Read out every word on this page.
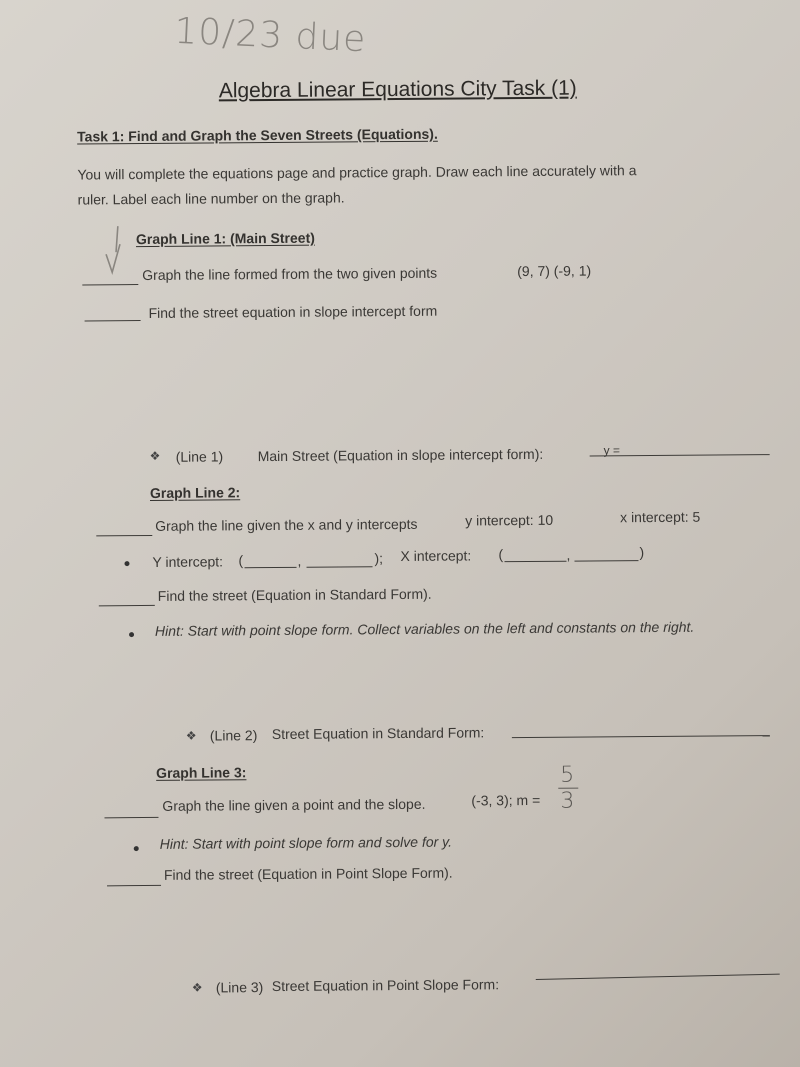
10/23 due
Algebra Linear Equations City Task (1)
Task 1: Find and Graph the Seven Streets (Equations).
You will complete the equations page and practice graph. Draw each line accurately with a
ruler. Label each line number on the graph.
Graph Line 1: (Main Street)
Graph the line formed from the two given points	(9, 7) (-9, 1)
Find the street equation in slope intercept form
❖ (Line 1) Main Street (Equation in slope intercept form):	y =
Graph Line 2:
Graph the line given the x and y intercepts	y intercept: 10	x intercept: 5
Y intercept: (	,	); X intercept: (	,	)
Find the street (Equation in Standard Form).
Hint: Start with point slope form. Collect variables on the left and constants on the right.
❖ (Line 2) Street Equation in Standard Form:
Graph Line 3:
Graph the line given a point and the slope.	(-3, 3); m =
5
3
Hint: Start with point slope form and solve for y.
Find the street (Equation in Point Slope Form).
❖ (Line 3) Street Equation in Point Slope Form:
